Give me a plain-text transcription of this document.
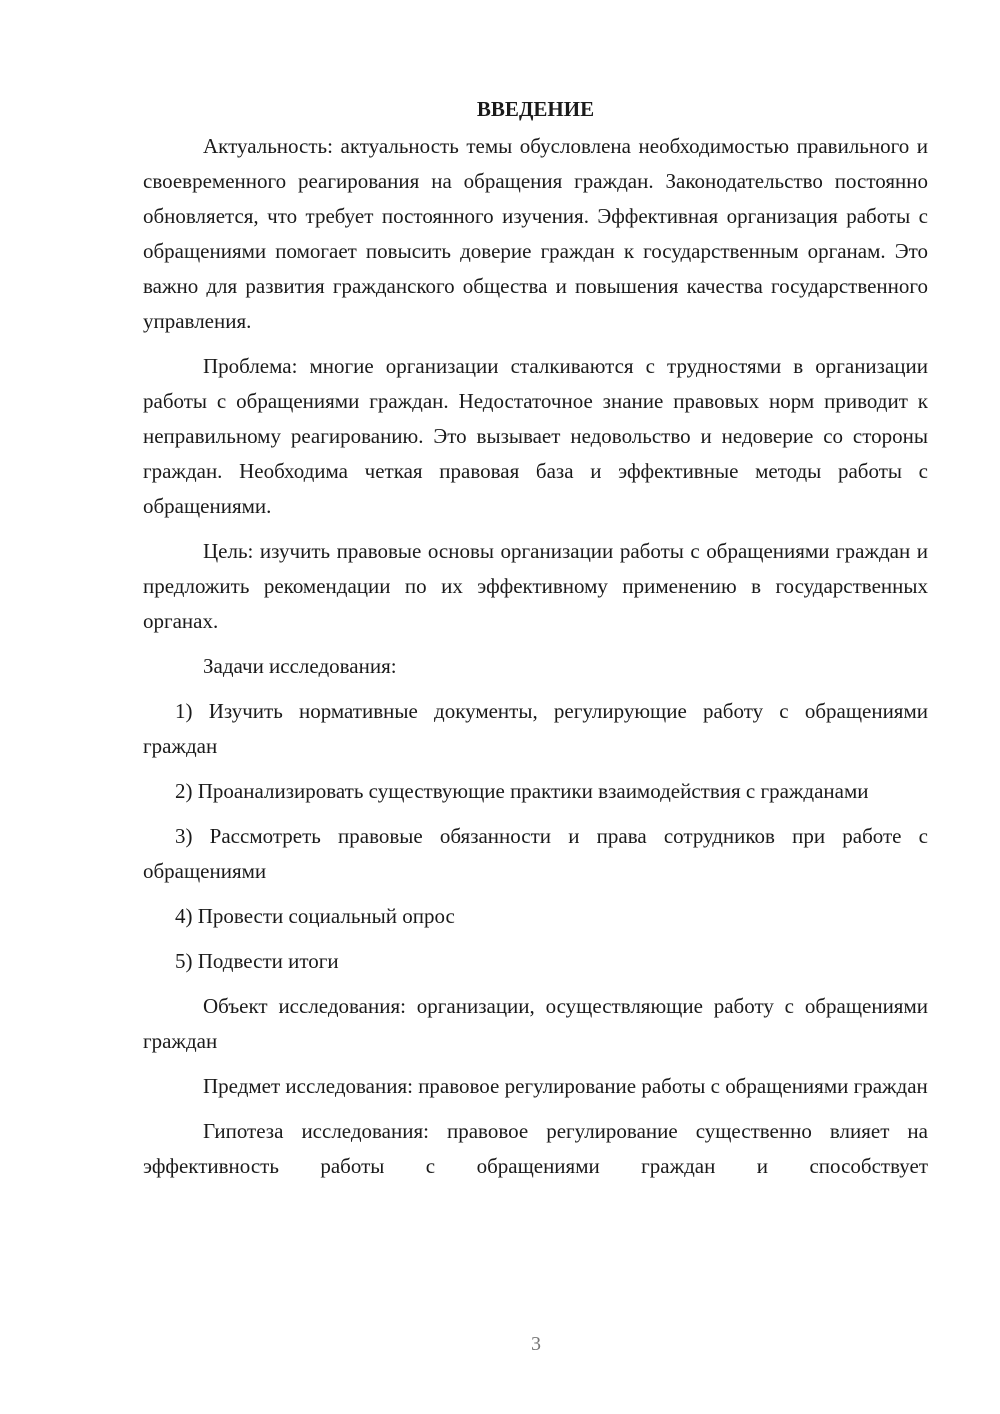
ВВЕДЕНИЕ

Актуальность: актуальность темы обусловлена необходимостью правильного и своевременного реагирования на обращения граждан. Законодательство постоянно обновляется, что требует постоянного изучения. Эффективная организация работы с обращениями помогает повысить доверие граждан к государственным органам. Это важно для развития гражданского общества и повышения качества государственного управления.

Проблема: многие организации сталкиваются с трудностями в организации работы с обращениями граждан. Недостаточное знание правовых норм приводит к неправильному реагированию. Это вызывает недовольство и недоверие со стороны граждан. Необходима четкая правовая база и эффективные методы работы с обращениями.

Цель: изучить правовые основы организации работы с обращениями граждан и предложить рекомендации по их эффективному применению в государственных органах.

Задачи исследования:

1) Изучить нормативные документы, регулирующие работу с обращениями граждан

2) Проанализировать существующие практики взаимодействия с гражданами

3) Рассмотреть правовые обязанности и права сотрудников при работе с обращениями

4) Провести социальный опрос

5) Подвести итоги

Объект исследования: организации, осуществляющие работу с обращениями граждан

Предмет исследования: правовое регулирование работы с обращениями граждан

Гипотеза исследования: правовое регулирование существенно влияет на эффективность работы с обращениями граждан и способствует

3
